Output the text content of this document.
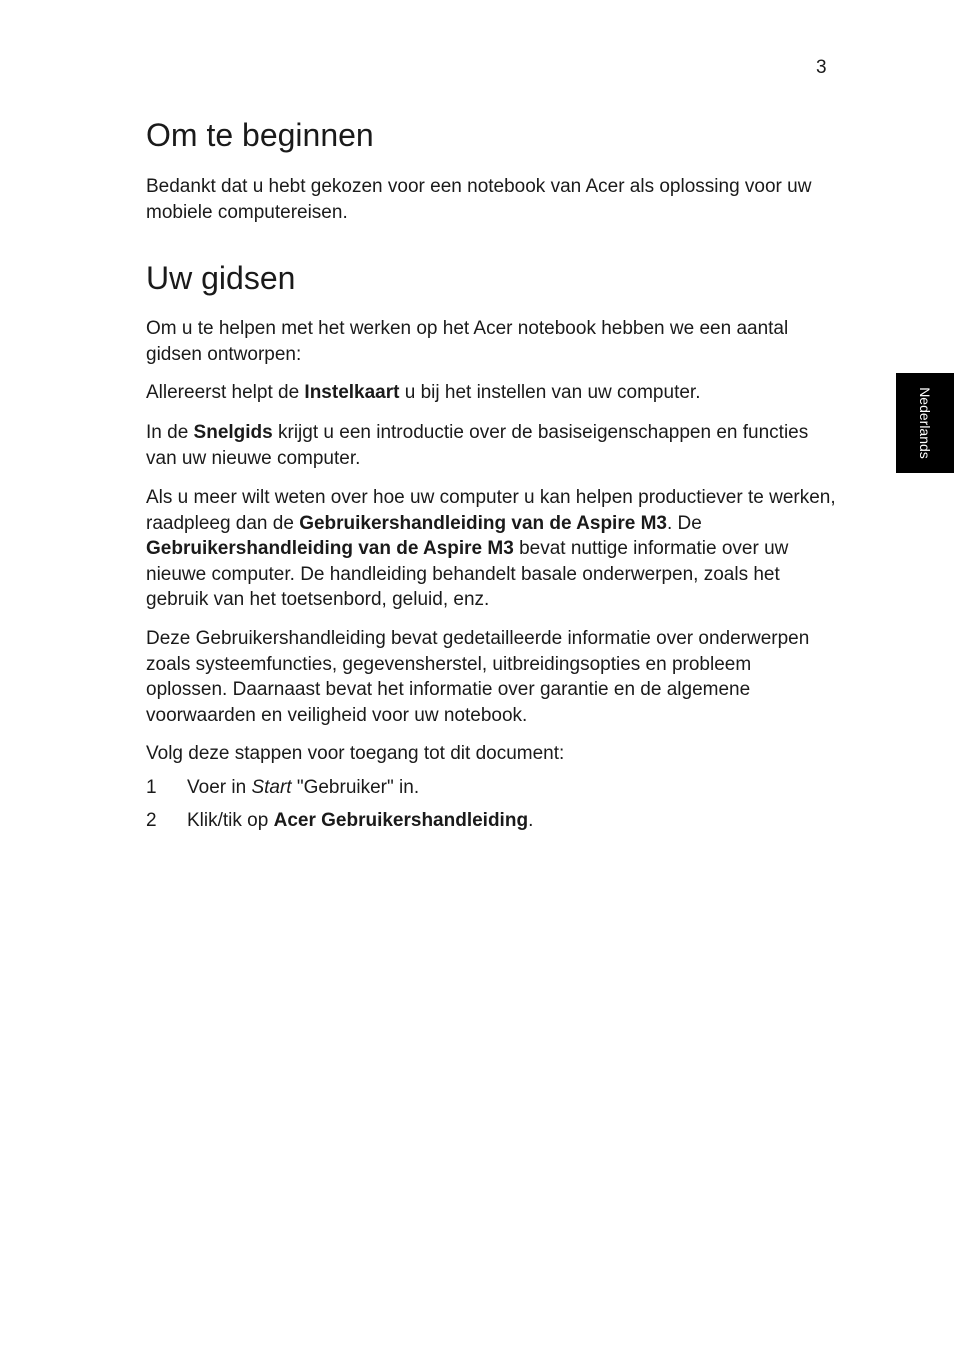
3
Nederlands
Om te beginnen

Bedankt dat u hebt gekozen voor een notebook van Acer als oplossing voor uw mobiele computereisen.

Uw gidsen

Om u te helpen met het werken op het Acer notebook hebben we een aantal gidsen ontworpen:

Allereerst helpt de Instelkaart u bij het instellen van uw computer.

In de Snelgids krijgt u een introductie over de basiseigenschappen en functies van uw nieuwe computer.

Als u meer wilt weten over hoe uw computer u kan helpen productiever te werken, raadpleeg dan de Gebruikershandleiding van de Aspire M3. De Gebruikershandleiding van de Aspire M3 bevat nuttige informatie over uw nieuwe computer. De handleiding behandelt basale onderwerpen, zoals het gebruik van het toetsenbord, geluid, enz.

Deze Gebruikershandleiding bevat gedetailleerde informatie over onderwerpen zoals systeemfuncties, gegevensherstel, uitbreidingsopties en probleem oplossen. Daarnaast bevat het informatie over garantie en de algemene voorwaarden en veiligheid voor uw notebook.

Volg deze stappen voor toegang tot dit document:

1 Voer in Start "Gebruiker" in.
2 Klik/tik op Acer Gebruikershandleiding.
